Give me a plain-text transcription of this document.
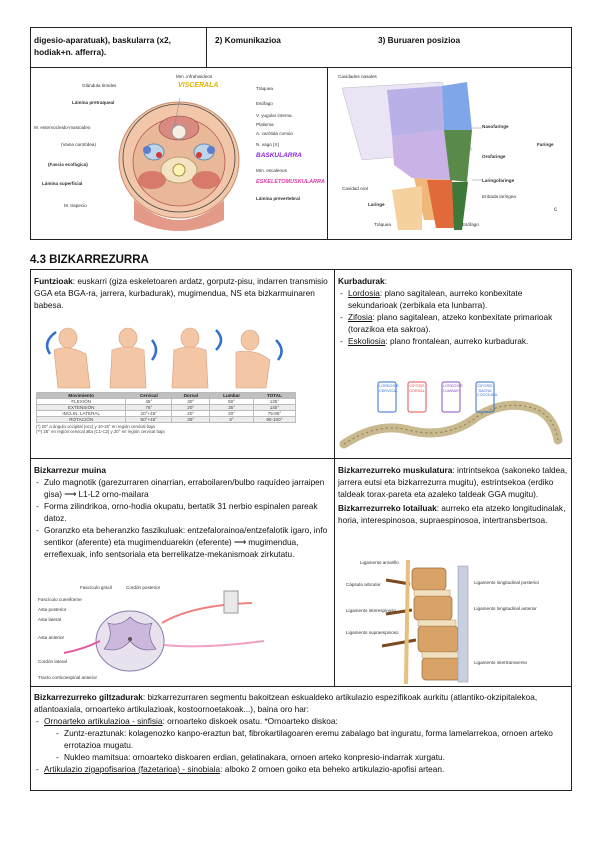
digesio-aparatuak), baskularra (x2, hodiak+n. afferra).
2) Komunikazioa	3) Buruaren posizioa
Glándula tiroides
Lámina pretraqueal
M. esternocleido-mastoideo
(Vaina carotídea)
(Fascia ecofágica)
Lámina superficial
M. trapecio
Mm. infrahioideos
Tráquea
Esófago
V. yugular interna
Platisma
A. carótida común
N. vago [X]
Mm. escalenos
Lámina prevertebral
VISCERALA
BASKULARRA
ESKELETOMUSKULARRA
Cavidades nasales
Nasofaringe
Faringe
Orofaringe
Cavidad oral
Laringofaringe
Entrada laríngea
Laringe
Tráquea	Esófago
c
4.3 BIZKARREZURRA
Funtzioak: euskarri (giza eskeletoaren ardatz, gorputz-pisu, indarren transmisio GGA eta BGA-ra, jarrera, kurbadurak), mugimendua, NS eta bizkarmuinaren babesa.
Movimiento	Cervical	Dorsal	Lumbar	TOTAL
FLEXIÓN	45°	30°	60°	135°
EXTENSIÓN	75°	20°	35°	140°
INCLIN. LATERAL	20°+45°	20°	20°	75-85°
ROTACIÓN	50°+45°	35°	5°	90-100°
(*) 20° a ángulo occipital (occ) y 10-15° en región cervical baja
(**) 25° en región cervical alta (C1-C2) y 20° en región cervical baja
Kurbadurak:
- Lordosia: plano sagitalean, aurreko konbexitate sekundarioak (zerbikala eta lunbarra).
- Zifosia: plano sagitalean, atzeko konbexitate primarioak (torazikoa eta sakroa).
- Eskoliosia: plano frontalean, aurreko kurbadurak.
LORDOSIS CERVICAL
CIFOSIS DORSAL
LORDOSIS LUMBAR
CIFOSIS SACRA COCCÍGEA
Bizkarrezur muina
- Zulo magnotik (garezurraren oinarrian, erraboilaren/bulbo raquídeo jarraipen gisa) ⟶ L1-L2 orno-mailara
- Forma zilindrikoa, orno-hodia okupatu, bertatik 31 nerbio espinalen pareak datoz.
- Goranzko eta beheranzko faszikuluak: entzefalorainoa/entzefalotik igaro, info sentikor (aferente) eta mugimenduarekin (eferente) ⟶ mugimendua, erreflexuak, info sentsoriala eta berrelikatze-mekanismoak zirkutatu.
Fascículo grácil	Cordón posterior
Fascículo cuneiforme
Asta posterior
Asta lateral
Asta anterior
Cordón lateral
Tracto corticoespinal anterior
Bizkarrezurreko muskulatura: intrintsekoa (sakoneko taldea, jarrera eutsi eta bizkarrezurra mugitu), estrintsekoa (erdiko taldeak torax-pareta eta azaleko taldeak GGA mugitu).
Bizkarrezurreko lotailuak: aurreko eta atzeko longitudinalak, horia, interespinosoa, supraespinosoa, intertransbertsoa.
Ligamento amarillo
Cápsula articular
Ligamento interespinoso
Ligamento supraespinoso
Ligamento longitudinal posterior
Ligamento longitudinal anterior
Ligamento intertransverso
Bizkarrezurreko giltzadurak: bizkarrezurraren segmentu bakoitzean eskualdeko artikulazio espezifikoak aurkitu (atlantiko-okzipitalekoa, atlantoaxiala, ornoarteko artikulazioak, kostoornoetakoak...), baina oro har:
- Ornoarteko artikulazioa - sinfisia: ornoarteko diskoek osatu. *Ornoarteko diskoa:
- Zuntz-eraztunak: kolagenozko kanpo-eraztun bat, fibrokartilagoaren eremu zabalago bat inguratu, forma lamelarrekoa, ornoen arteko errotazioa mugatu.
- Nukleo mamitsua: ornoarteko diskoaren erdian, gelatinakara, ornoen arteko konpresio-indarrak xurgatu.
- Artikulazio zigapofisarioa (fazetarioa) - sinobiala: alboko 2 ornoen goiko eta beheko artikulazio-apofisi artean.
